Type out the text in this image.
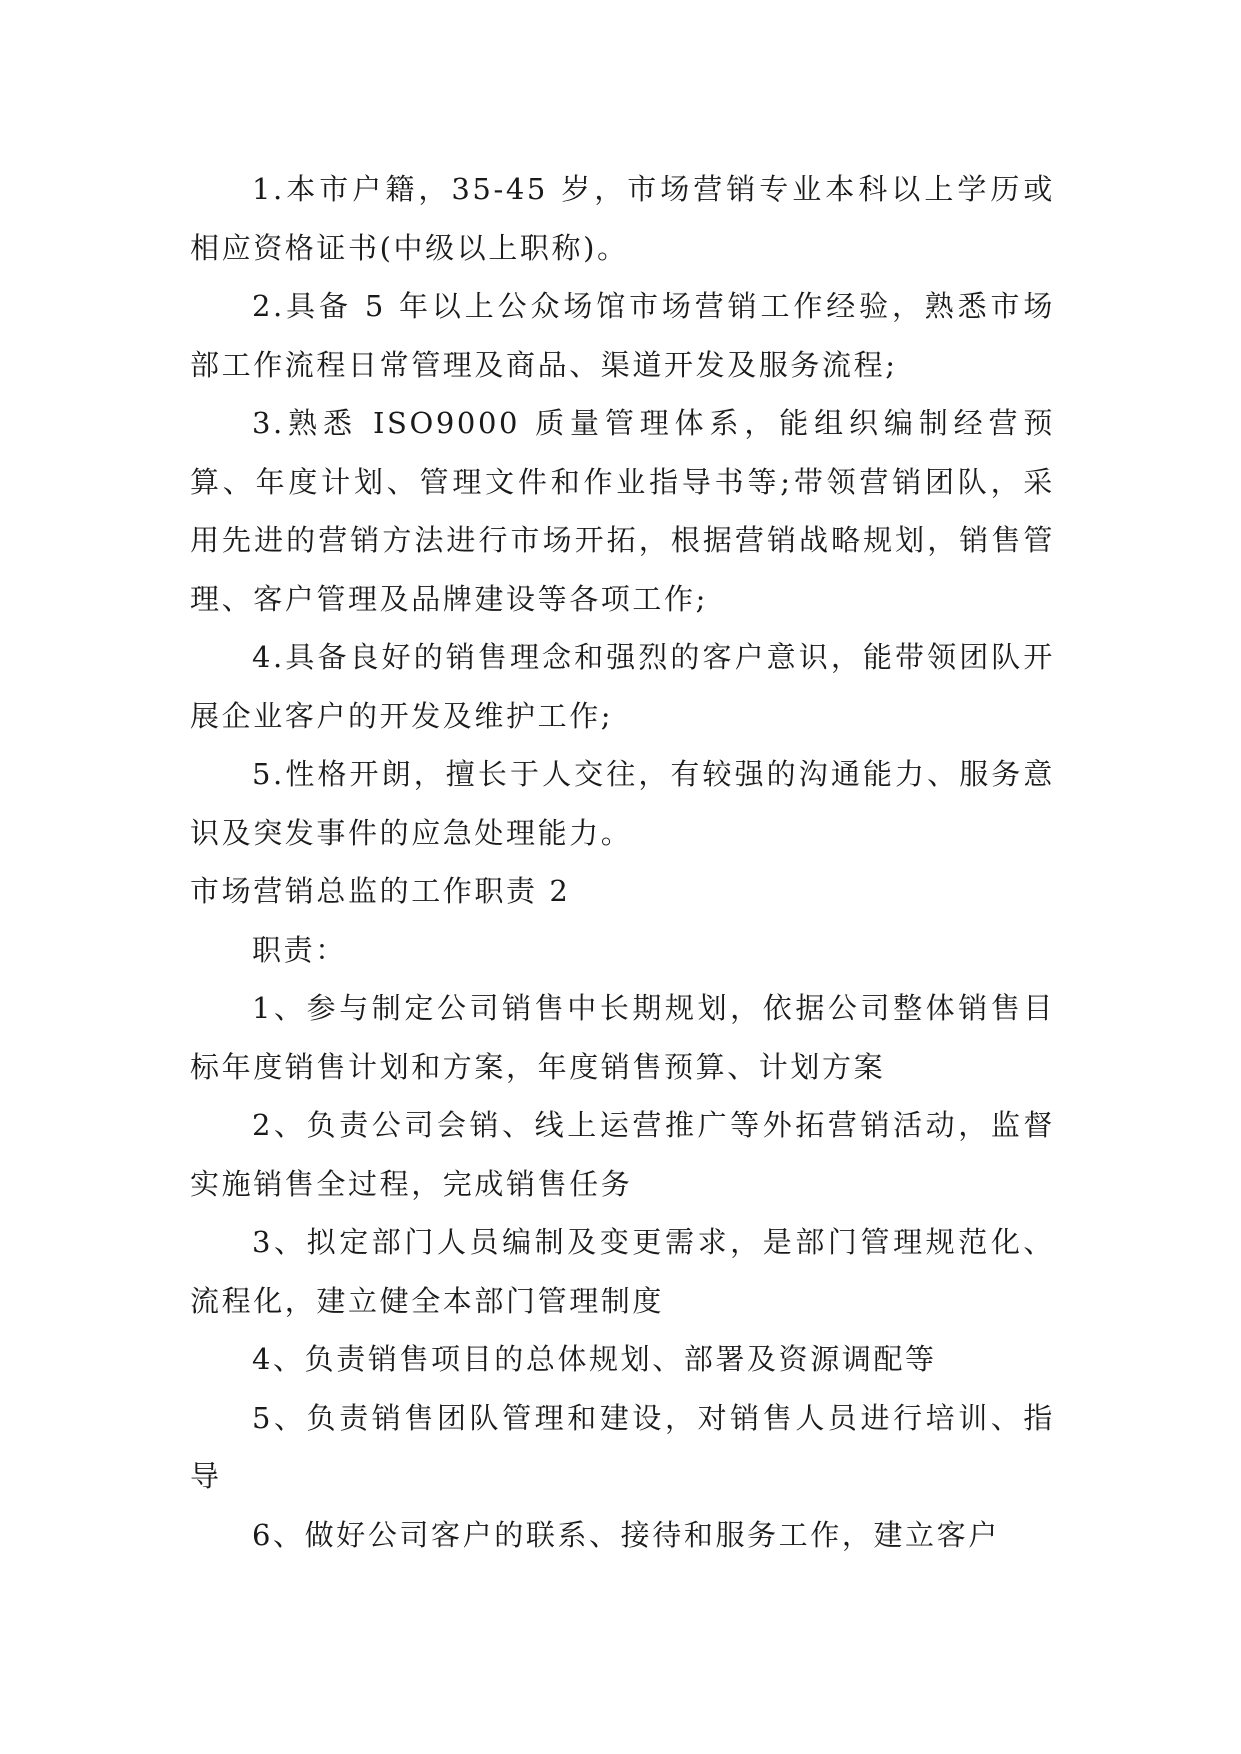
1.本市户籍，35-45 岁，市场营销专业本科以上学历或相应资格证书(中级以上职称)。

2.具备 5 年以上公众场馆市场营销工作经验，熟悉市场部工作流程日常管理及商品、渠道开发及服务流程;

3.熟悉 ISO9000 质量管理体系，能组织编制经营预算、年度计划、管理文件和作业指导书等;带领营销团队，采用先进的营销方法进行市场开拓，根据营销战略规划，销售管理、客户管理及品牌建设等各项工作;

4.具备良好的销售理念和强烈的客户意识，能带领团队开展企业客户的开发及维护工作;

5.性格开朗，擅长于人交往，有较强的沟通能力、服务意识及突发事件的应急处理能力。

市场营销总监的工作职责 2

职责：

1、参与制定公司销售中长期规划，依据公司整体销售目标年度销售计划和方案，年度销售预算、计划方案

2、负责公司会销、线上运营推广等外拓营销活动，监督实施销售全过程，完成销售任务

3、拟定部门人员编制及变更需求，是部门管理规范化、流程化，建立健全本部门管理制度

4、负责销售项目的总体规划、部署及资源调配等

5、负责销售团队管理和建设，对销售人员进行培训、指导

6、做好公司客户的联系、接待和服务工作，建立客户
